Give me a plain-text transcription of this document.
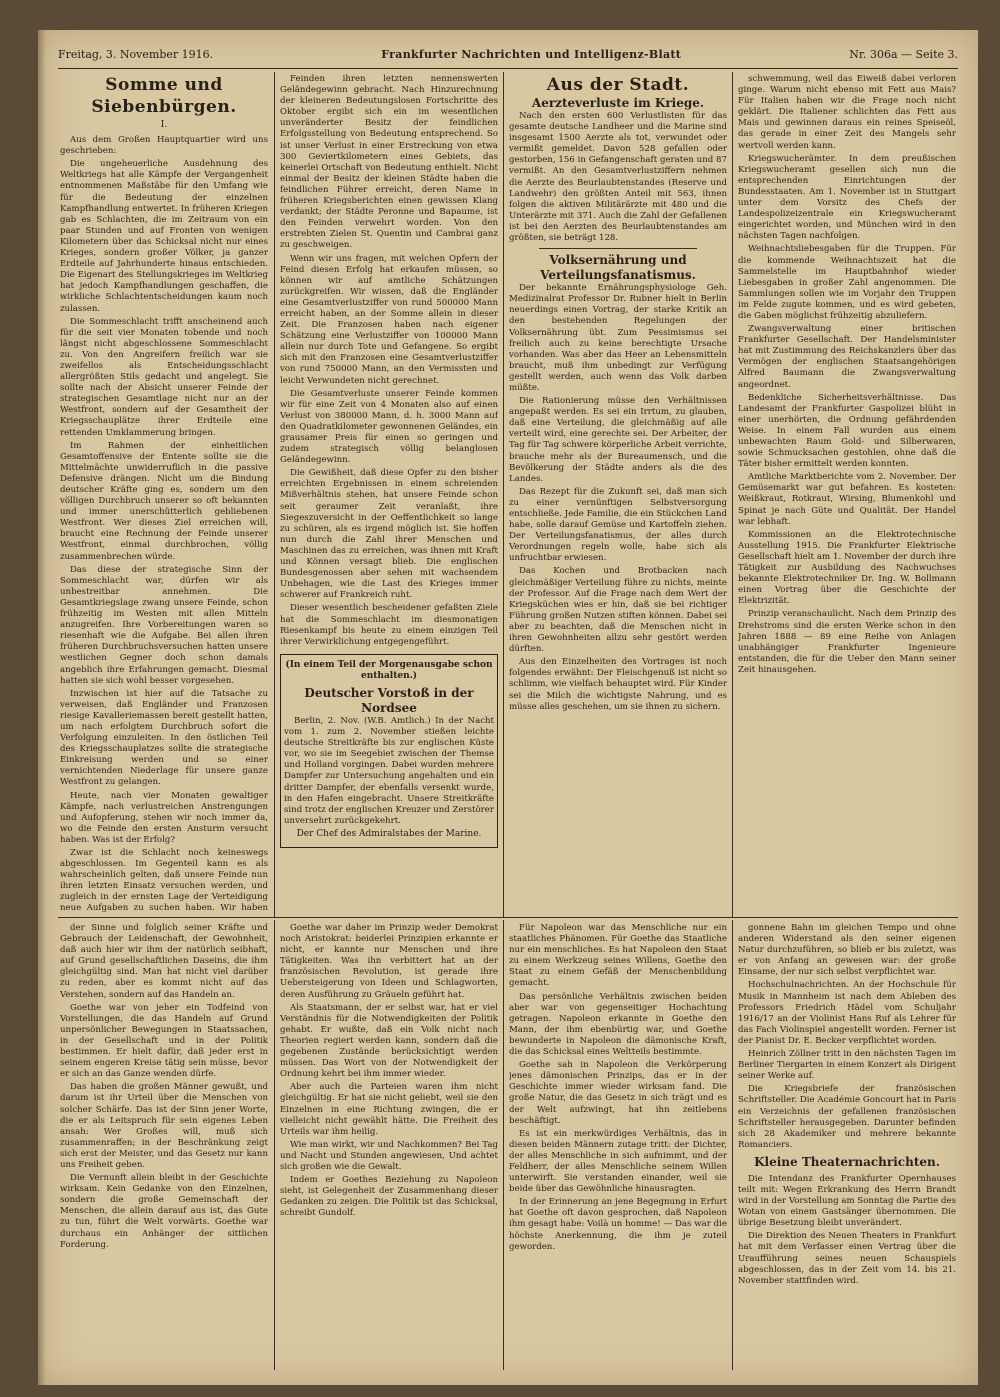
Freitag, 3. November 1916.	Frankfurter Nachrichten und Intelligenz-Blatt	Nr. 306a — Seite 3.
Somme und Siebenbürgen.
I.

Aus dem Großen Hauptquartier wird uns geschrieben:

Die ungeheuerliche Ausdehnung des Weltkriegs hat alle Kämpfe der Vergangenheit entnommenen Maßstäbe für den Umfang wie für die Bedeutung der einzelnen Kampfhandlung entwertet. In früheren Kriegen gab es Schlachten, die im Zeitraum von ein paar Stunden und auf Fronten von wenigen Kilometern über das Schicksal nicht nur eines Krieges, sondern großer Völker, ja ganzer Erdteile auf Jahrhunderte hinaus entschieden. Die Eigenart des Stellungskrieges im Weltkrieg hat jedoch Kampfhandlungen geschaffen, die wirkliche Schlachtentscheidungen kaum noch zulassen.

Die Sommeschlacht trifft anscheinend auch für die seit vier Monaten tobende und noch längst nicht abgeschlossene Sommeschlacht zu. Von den Angreifern freilich war sie zweifellos als Entscheidungsschlacht allergrößten Stils gedacht und angelegt. Sie sollte nach der Absicht unserer Feinde der strategischen Gesamtlage nicht nur an der Westfront, sondern auf der Gesamtheit der Kriegsschauplätze ihrer Erdteile eine rettenden Umklammerung bringen.

Im Rahmen der einheitlichen Gesamtoffensive der Entente sollte sie die Mittelmächte unwiderruflich in die passive Defensive drängen. Nicht um die Bindung deutscher Kräfte ging es, sondern um den völligen Durchbruch unserer so oft bekannten und immer unerschütterlich gebliebenen Westfront. Wer dieses Ziel erreichen will, braucht eine Rechnung der Feinde unserer Westfront, einmal durchbrochen, völlig zusammenbrechen würde.

Das diese der strategische Sinn der Sommeschlacht war, dürfen wir als unbestreitbar annehmen. Die Gesamtkriegslage zwang unsere Feinde, schon frühzeitig im Westen mit allen Mitteln anzugreifen. Ihre Vorbereitungen waren so riesenhaft wie die Aufgabe. Bei allen ihren früheren Durchbruchsversuchen hatten unsere westlichen Gegner doch schon damals angeblich ihre Erfahrungen gemacht. Diesmal hatten sie sich wohl besser vorgesehen.

Inzwischen ist hier auf die Tatsache zu verweisen, daß Engländer und Franzosen riesige Kavalleriemassen bereit gestellt hatten, um nach erfolgtem Durchbruch sofort die Verfolgung einzuleiten. In den östlichen Teil des Kriegsschauplatzes sollte die strategische Einkreisung werden und so einer vernichtenden Niederlage für unsere ganze Westfront zu gelangen.

Heute, nach vier Monaten gewaltiger Kämpfe, nach verlustreichen Anstrengungen und Aufopferung, stehen wir noch immer da, wo die Feinde den ersten Ansturm versucht haben. Was ist der Erfolg?

Zwar ist die Schlacht noch keineswegs abgeschlossen. Im Gegenteil kann es als wahrscheinlich gelten, daß unsere Feinde nun ihren letzten Einsatz versuchen werden, und zugleich in der ernsten Lage der Verteidigung neue Aufgaben zu suchen haben. Wir haben

Feinden ihren letzten nennenswerten Geländegewinn gebracht. Nach Hinzurechnung der kleineren Bedeutungslosen Fortschritte des Oktober ergibt sich ein im wesentlichen unveränderter Besitz der feindlichen Erfolgsstellung von Bedeutung entsprechend. So ist unser Verlust in einer Erstreckung von etwa 300 Geviertkilometern eines Gebiets, das keinerlei Ortschaft von Bedeutung enthielt. Nicht einmal der Besitz der kleinen Städte haben die feindlichen Führer erreicht, deren Name in früheren Kriegsberichten einen gewissen Klang verdankt; der Städte Peronne und Bapaume, ist den Feinden verwehrt worden. Von den erstrebten Zielen St. Quentin und Cambrai ganz zu geschweigen.

Wenn wir uns fragen, mit welchen Opfern der Feind diesen Erfolg hat erkaufen müssen, so können wir auf amtliche Schätzungen zurückgreifen. Wir wissen, daß die Engländer eine Gesamtverlustziffer von rund 500000 Mann erreicht haben, an der Somme allein in dieser Zeit. Die Franzosen haben nach eigener Schätzung eine Verlustziffer von 100000 Mann allein nur durch Tote und Gefangene. So ergibt sich mit den Franzosen eine Gesamtverlustziffer von rund 750000 Mann, an den Vermissten und leicht Verwundeten nicht gerechnet.

Die Gesamtverluste unserer Feinde kommen wir für eine Zeit von 4 Monaten also auf einen Verlust von 380000 Mann, d. h. 3000 Mann auf den Quadratkilometer gewonnenen Geländes, ein grausamer Preis für einen so geringen und zudem strategisch völlig belanglosen Geländegewinn.

Die Gewißheit, daß diese Opfer zu den bisher erreichten Ergebnissen in einem schreienden Mißverhältnis stehen, hat unsere Feinde schon seit geraumer Zeit veranlaßt, ihre Siegeszuversicht in der Oeffentlichkeit so lange zu schüren, als es irgend möglich ist. Sie hoffen nun durch die Zahl ihrer Menschen und Maschinen das zu erreichen, was ihnen mit Kraft und Können versagt blieb. Die englischen Bundesgenossen aber sehen mit wachsendem Unbehagen, wie die Last des Krieges immer schwerer auf Frankreich ruht.

Dieser wesentlich bescheidener gefaßten Ziele hat die Sommeschlacht im diesmonatigen Riesenkampf bis heute zu einem einzigen Teil ihrer Verwirklichung entgegengeführt.

(In einem Teil der Morgenausgabe schon enthalten.)
Deutscher Vorstoß in der Nordsee

Berlin, 2. Nov. (W.B. Amtlich.) In der Nacht vom 1. zum 2. November stießen leichte deutsche Streitkräfte bis zur englischen Küste vor, wo sie im Seegebiet zwischen der Themse und Holland vorgingen. Dabei wurden mehrere Dampfer zur Untersuchung angehalten und ein dritter Dampfer, der ebenfalls versenkt wurde, in den Hafen eingebracht. Unsere Streitkräfte sind trotz der englischen Kreuzer und Zerstörer unversehrt zurückgekehrt.

Der Chef des Admiralstabes der Marine.
Aus der Stadt.
Aerzteverluste im Kriege.

Nach den ersten 600 Verlustlisten für das gesamte deutsche Landheer und die Marine sind insgesamt 1500 Aerzte als tot, verwundet oder vermißt gemeldet. Davon 528 gefallen oder gestorben, 156 in Gefangenschaft geraten und 87 vermißt. An den Gesamtverlustziffern nehmen die Aerzte des Beurlaubtenstandes (Reserve und Landwehr) den größten Anteil mit 563, ihnen folgen die aktiven Militärärzte mit 480 und die Unterärzte mit 371. Auch die Zahl der Gefallenen ist bei den Aerzten des Beurlaubtenstandes am größten, sie beträgt 128.

Volksernährung und Verteilungsfanatismus.

Der bekannte Ernährungsphysiologe Geh. Medizinalrat Professor Dr. Rubner hielt in Berlin neuerdings einen Vortrag, der starke Kritik an den bestehenden Regelungen der Volksernährung übt. Zum Pessimismus sei freilich auch zu keine berechtigte Ursache vorhanden. Was aber das Heer an Lebensmitteln braucht, muß ihm unbedingt zur Verfügung gestellt werden, auch wenn das Volk darben müßte.

Die Rationierung müsse den Verhältnissen angepaßt werden. Es sei ein Irrtum, zu glauben, daß eine Verteilung, die gleichmäßig auf alle verteilt wird, eine gerechte sei. Der Arbeiter, der Tag für Tag schwere körperliche Arbeit verrichte, brauche mehr als der Bureaumensch, und die Bevölkerung der Städte anders als die des Landes.

Das Rezept für die Zukunft sei, daß man sich zu einer vernünftigen Selbstversorgung entschließe. Jede Familie, die ein Stückchen Land habe, solle darauf Gemüse und Kartoffeln ziehen. Der Verteilungsfanatismus, der alles durch Verordnungen regeln wolle, habe sich als unfruchtbar erwiesen.

Das Kochen und Brotbacken nach gleichmäßiger Verteilung führe zu nichts, meinte der Professor. Auf die Frage nach dem Wert der Kriegsküchen wies er hin, daß sie bei richtiger Führung großen Nutzen stiften können. Dabei sei aber zu beachten, daß die Menschen nicht in ihren Gewohnheiten allzu sehr gestört werden dürften.

Aus den Einzelheiten des Vortrages ist noch folgendes erwähnt: Der Fleischgenuß ist nicht so schlimm, wie vielfach behauptet wird. Für Kinder sei die Milch die wichtigste Nahrung, und es müsse alles geschehen, um sie ihnen zu sichern.

schwemmung, weil das Eiweiß dabei verloren ginge. Warum nicht ebenso mit Fett aus Mais? Für Italien haben wir die Frage noch nicht geklärt. Die Italiener schlichten das Fett aus Mais und gewinnen daraus ein reines Speiseöl, das gerade in einer Zeit des Mangels sehr wertvoll werden kann.

Kriegswucherämter. In dem preußischen Kriegswucheramt gesellen sich nun die entsprechenden Einrichtungen der Bundesstaaten. Am 1. November ist in Stuttgart unter dem Vorsitz des Chefs der Landespolizeizentrale ein Kriegswucheramt eingerichtet worden, und München wird in den nächsten Tagen nachfolgen.

Weihnachtsliebesgaben für die Truppen. Für die kommende Weihnachtszeit hat die Sammelstelle im Hauptbahnhof wieder Liebesgaben in großer Zahl angenommen. Die Sammlungen sollen wie im Vorjahr den Truppen im Felde zugute kommen, und es wird gebeten, die Gaben möglichst frühzeitig abzuliefern.

Zwangsverwaltung einer britischen Frankfurter Gesellschaft. Der Handelsminister hat mit Zustimmung des Reichskanzlers über das Vermögen der englischen Staatsangehörigen Alfred Baumann die Zwangsverwaltung angeordnet.

Bedenkliche Sicherheitsverhältnisse. Das Landesamt der Frankfurter Gaspolizei blüht in einer unerhörten, die Ordnung gefährdenden Weise. In einem Fall wurden aus einem unbewachten Raum Gold- und Silberwaren, sowie Schmucksachen gestohlen, ohne daß die Täter bisher ermittelt werden konnten.

Amtliche Marktberichte vom 2. November. Der Gemüsemarkt war gut befahren. Es kosteten: Weißkraut, Rotkraut, Wirsing, Blumenkohl und Spinat je nach Güte und Qualität. Der Handel war lebhaft.

Kommissionen an die Elektrotechnische Ausstellung 1915. Die Frankfurter Elektrische Gesellschaft hielt am 1. November der durch ihre Tätigkeit zur Ausbildung des Nachwuchses bekannte Elektrotechniker Dr. Ing. W. Bollmann einen Vortrag über die Geschichte der Elektrizität.

Prinzip veranschaulicht. Nach dem Prinzip des Drehstroms sind die ersten Werke schon in den Jahren 1888 — 89 eine Reihe von Anlagen unabhängiger Frankfurter Ingenieure entstanden, die für die Ueber den Mann seiner Zeit hinausgehen.

der Sinne und folglich seiner Kräfte und Gebrauch der Leidenschaft, der Gewohnheit, daß auch hier wir ihm der natürlich seibhaft, auf Grund gesellschaftlichen Daseins, die ihm gleichgültig sind. Man hat nicht viel darüber zu reden, aber es kommt nicht auf das Verstehen, sondern auf das Handeln an.

Goethe war von jeher ein Todfeind von Vorstellungen, die das Handeln auf Grund unpersönlicher Bewegungen in Staatssachen, in der Gesellschaft und in der Politik bestimmen. Er hielt dafür, daß jeder erst in seinem engeren Kreise tätig sein müsse, bevor er sich an das Ganze wenden dürfe.

Das haben die großen Männer gewußt, und darum ist ihr Urteil über die Menschen von solcher Schärfe. Das ist der Sinn jener Worte, die er als Leitspruch für sein eigenes Leben ansah: Wer Großes will, muß sich zusammenraffen; in der Beschränkung zeigt sich erst der Meister, und das Gesetz nur kann uns Freiheit geben.

Die Vernunft allein bleibt in der Geschichte wirksam. Kein Gedanke von den Einzelnen, sondern die große Gemeinschaft der Menschen, die allein darauf aus ist, das Gute zu tun, führt die Welt vorwärts. Goethe war durchaus ein Anhänger der sittlichen Forderung.

Goethe war daher im Prinzip weder Demokrat noch Aristokrat: beiderlei Prinzipien erkannte er nicht, er kannte nur Menschen und ihre Tätigkeiten. Was ihn verbittert hat an der französischen Revolution, ist gerade ihre Uebersteigerung von Ideen und Schlagworten, deren Ausführung zu Gräueln geführt hat.

Als Staatsmann, der er selbst war, hat er viel Verständnis für die Notwendigkeiten der Politik gehabt. Er wußte, daß ein Volk nicht nach Theorien regiert werden kann, sondern daß die gegebenen Zustände berücksichtigt werden müssen. Das Wort von der Notwendigkeit der Ordnung kehrt bei ihm immer wieder.

Aber auch die Parteien waren ihm nicht gleichgültig. Er hat sie nicht geliebt, weil sie den Einzelnen in eine Richtung zwingen, die er vielleicht nicht gewählt hätte. Die Freiheit des Urteils war ihm heilig.

Wie man wirkt, wir und Nachkommen? Bei Tag und Nacht und Stunden angewiesen, Und achtet sich großen wie die Gewalt.

Indem er Goethes Beziehung zu Napoleon sieht, ist Gelegenheit der Zusammenhang dieser Gedanken zu zeigen. Die Politik ist das Schicksal, schreibt Gundolf.

Für Napoleon war das Menschliche nur ein staatliches Phänomen. Für Goethe das Staatliche nur ein menschliches. Es hat Napoleon den Staat zu einem Werkzeug seines Willens, Goethe den Staat zu einem Gefäß der Menschenbildung gemacht.

Das persönliche Verhältnis zwischen beiden aber war von gegenseitiger Hochachtung getragen. Napoleon erkannte in Goethe den Mann, der ihm ebenbürtig war, und Goethe bewunderte in Napoleon die dämonische Kraft, die das Schicksal eines Weltteils bestimmte.

Goethe sah in Napoleon die Verkörperung jenes dämonischen Prinzips, das er in der Geschichte immer wieder wirksam fand. Die große Natur, die das Gesetz in sich trägt und es der Welt aufzwingt, hat ihn zeitlebens beschäftigt.

Es ist ein merkwürdiges Verhältnis, das in diesen beiden Männern zutage tritt: der Dichter, der alles Menschliche in sich aufnimmt, und der Feldherr, der alles Menschliche seinem Willen unterwirft. Sie verstanden einander, weil sie beide über das Gewöhnliche hinausragten.

In der Erinnerung an jene Begegnung in Erfurt hat Goethe oft davon gesprochen, daß Napoleon ihm gesagt habe: Voilà un homme! — Das war die höchste Anerkennung, die ihm je zuteil geworden.

gonnene Bahn im gleichen Tempo und ohne anderen Widerstand als den seiner eigenen Natur durchzuführen, so blieb er bis zuletzt, was er von Anfang an gewesen war: der große Einsame, der nur sich selbst verpflichtet war.

Hochschulnachrichten. An der Hochschule für Musik in Mannheim ist nach dem Ableben des Professors Friedrich Hädel vom Schuljahr 1916/17 an der Violinist Hans Ruf als Lehrer für das Fach Violinspiel angestellt worden. Ferner ist der Pianist Dr. E. Becker verpflichtet worden.

Heinrich Zöllner tritt in den nächsten Tagen im Berliner Tiergarten in einem Konzert als Dirigent seiner Werke auf.

Die Kriegsbriefe der französischen Schriftsteller. Die Académie Goncourt hat in Paris ein Verzeichnis der gefallenen französischen Schriftsteller herausgegeben. Darunter befinden sich 28 Akademiker und mehrere bekannte Romanciers.

Kleine Theaternachrichten.

Die Intendanz des Frankfurter Opernhauses teilt mit: Wegen Erkrankung des Herrn Brandt wird in der Vorstellung am Sonntag die Partie des Wotan von einem Gastsänger übernommen. Die übrige Besetzung bleibt unverändert.

Die Direktion des Neuen Theaters in Frankfurt hat mit dem Verfasser einen Vertrag über die Uraufführung seines neuen Schauspiels abgeschlossen, das in der Zeit vom 14. bis 21. November stattfinden wird.
